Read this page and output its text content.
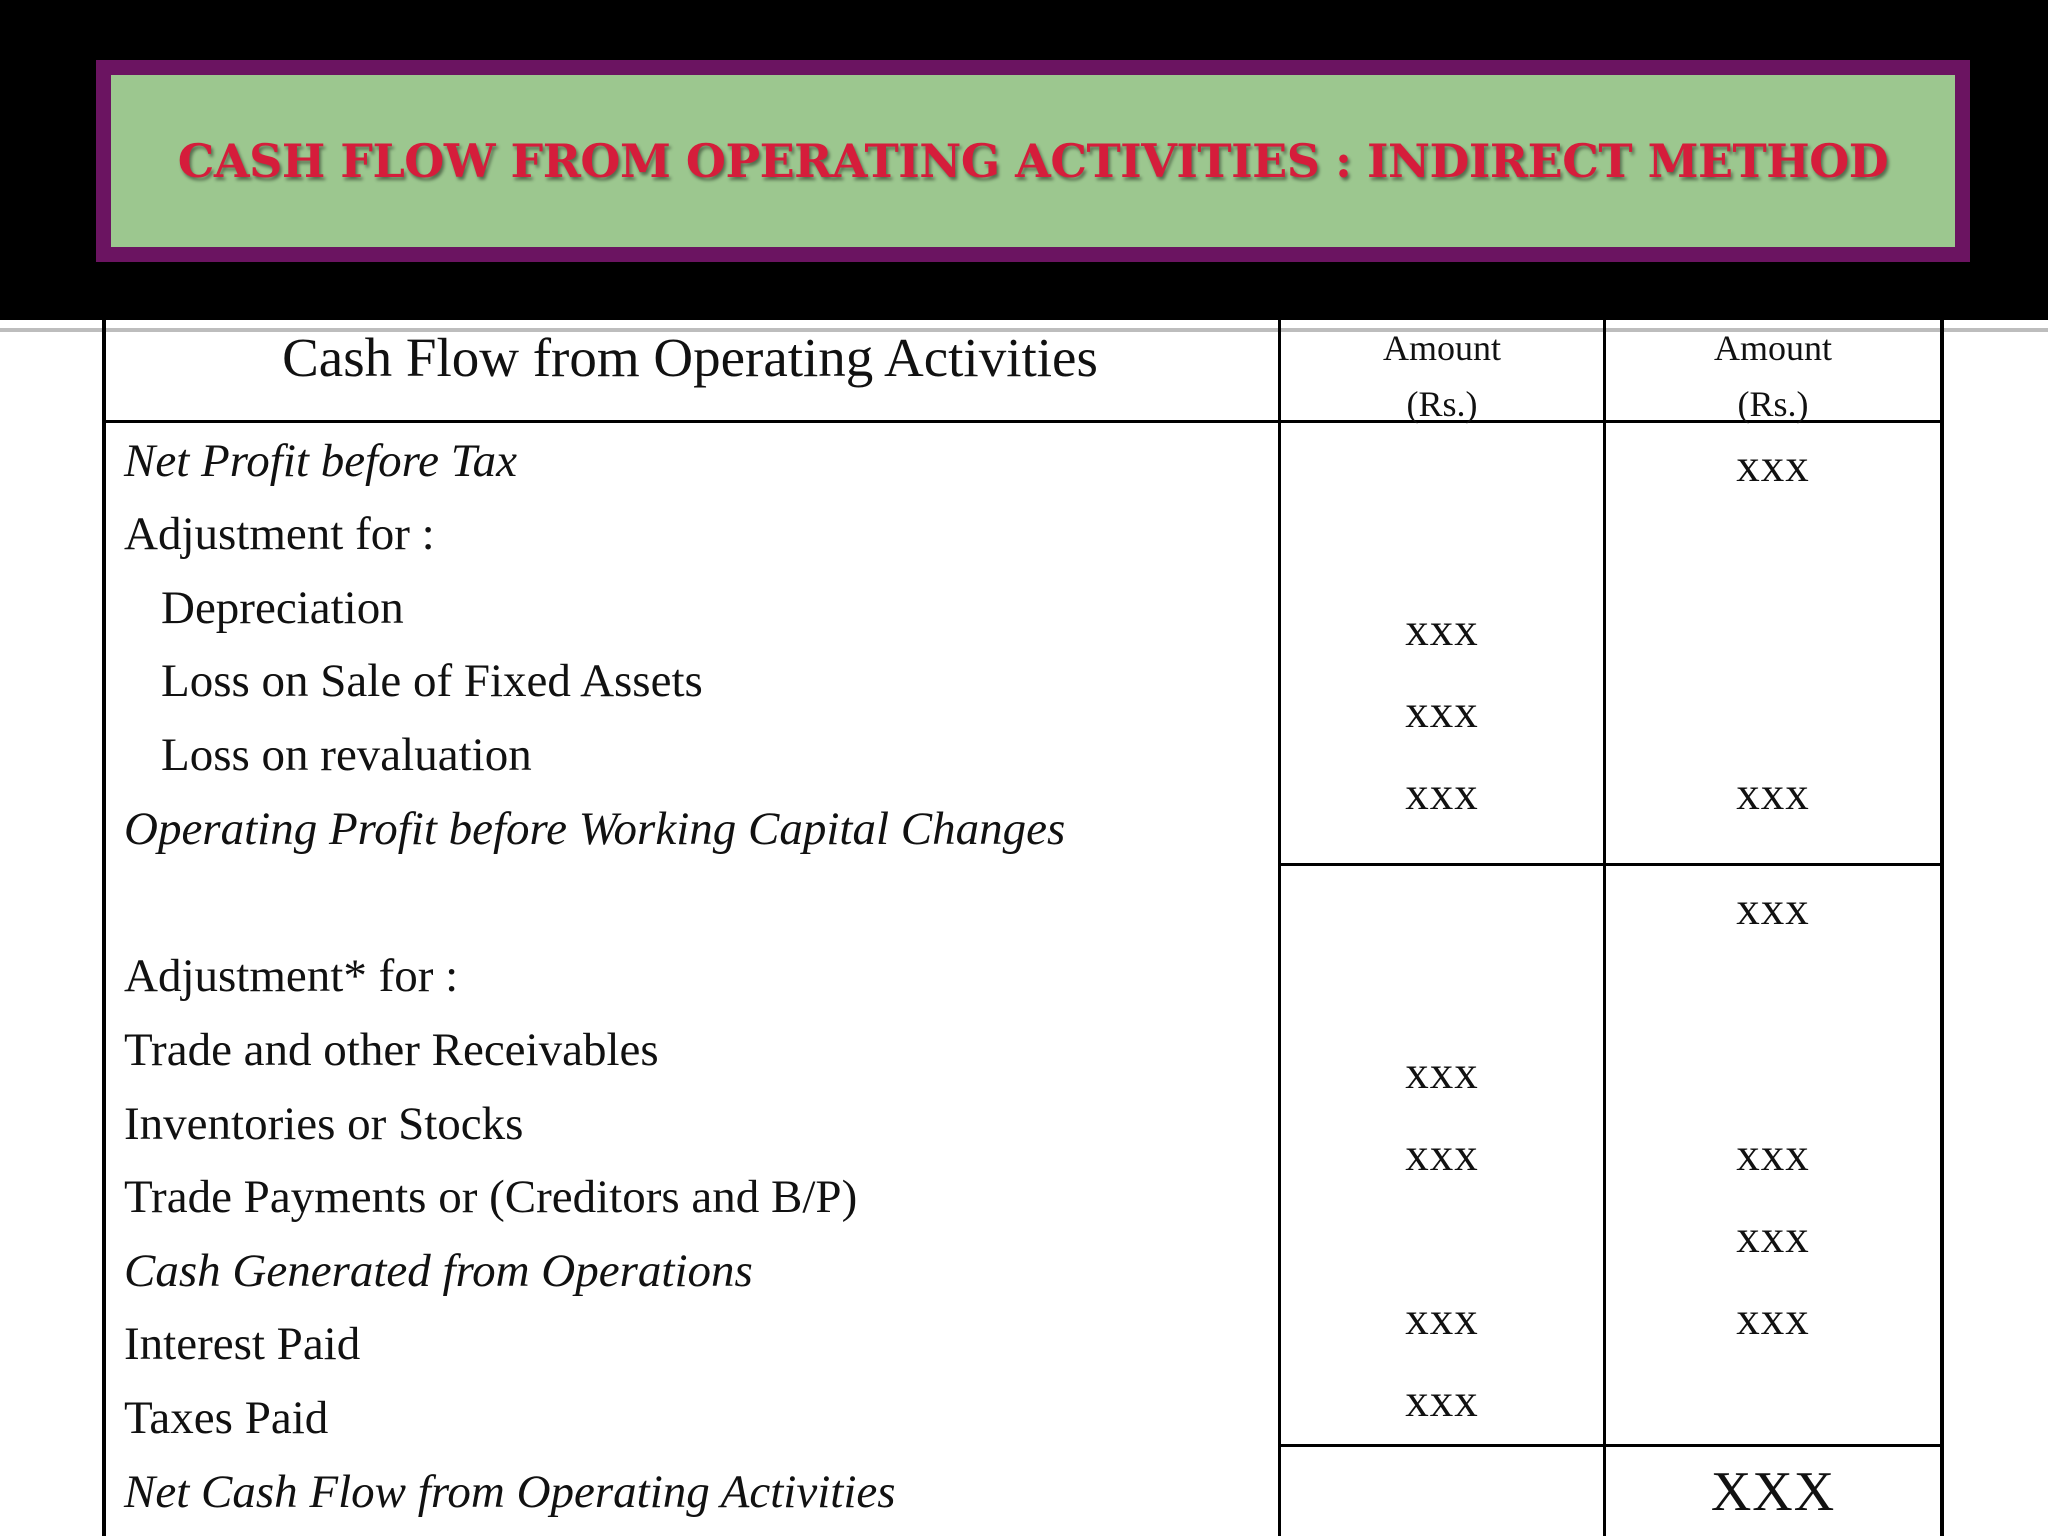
Cash Flow from Operating Activities	Amount
(Rs.)
Amount
(Rs.)
Net Profit before Tax
Adjustment for :
Depreciation
Loss on Sale of Fixed Assets
Loss on revaluation
Operating Profit before Working Capital Changes
Adjustment* for :
Trade and other Receivables
Inventories or Stocks
Trade Payments or (Creditors and B/P)
Cash Generated from Operations
Interest Paid
Taxes Paid
Net Cash Flow from Operating Activities
xxx
xxx
xxx
xxx
xxx
xxx
xxx
xxx
xxx
xxx
xxx
xxx
xxx
XXX
CASH FLOW FROM OPERATING ACTIVITIES : INDIRECT METHOD
